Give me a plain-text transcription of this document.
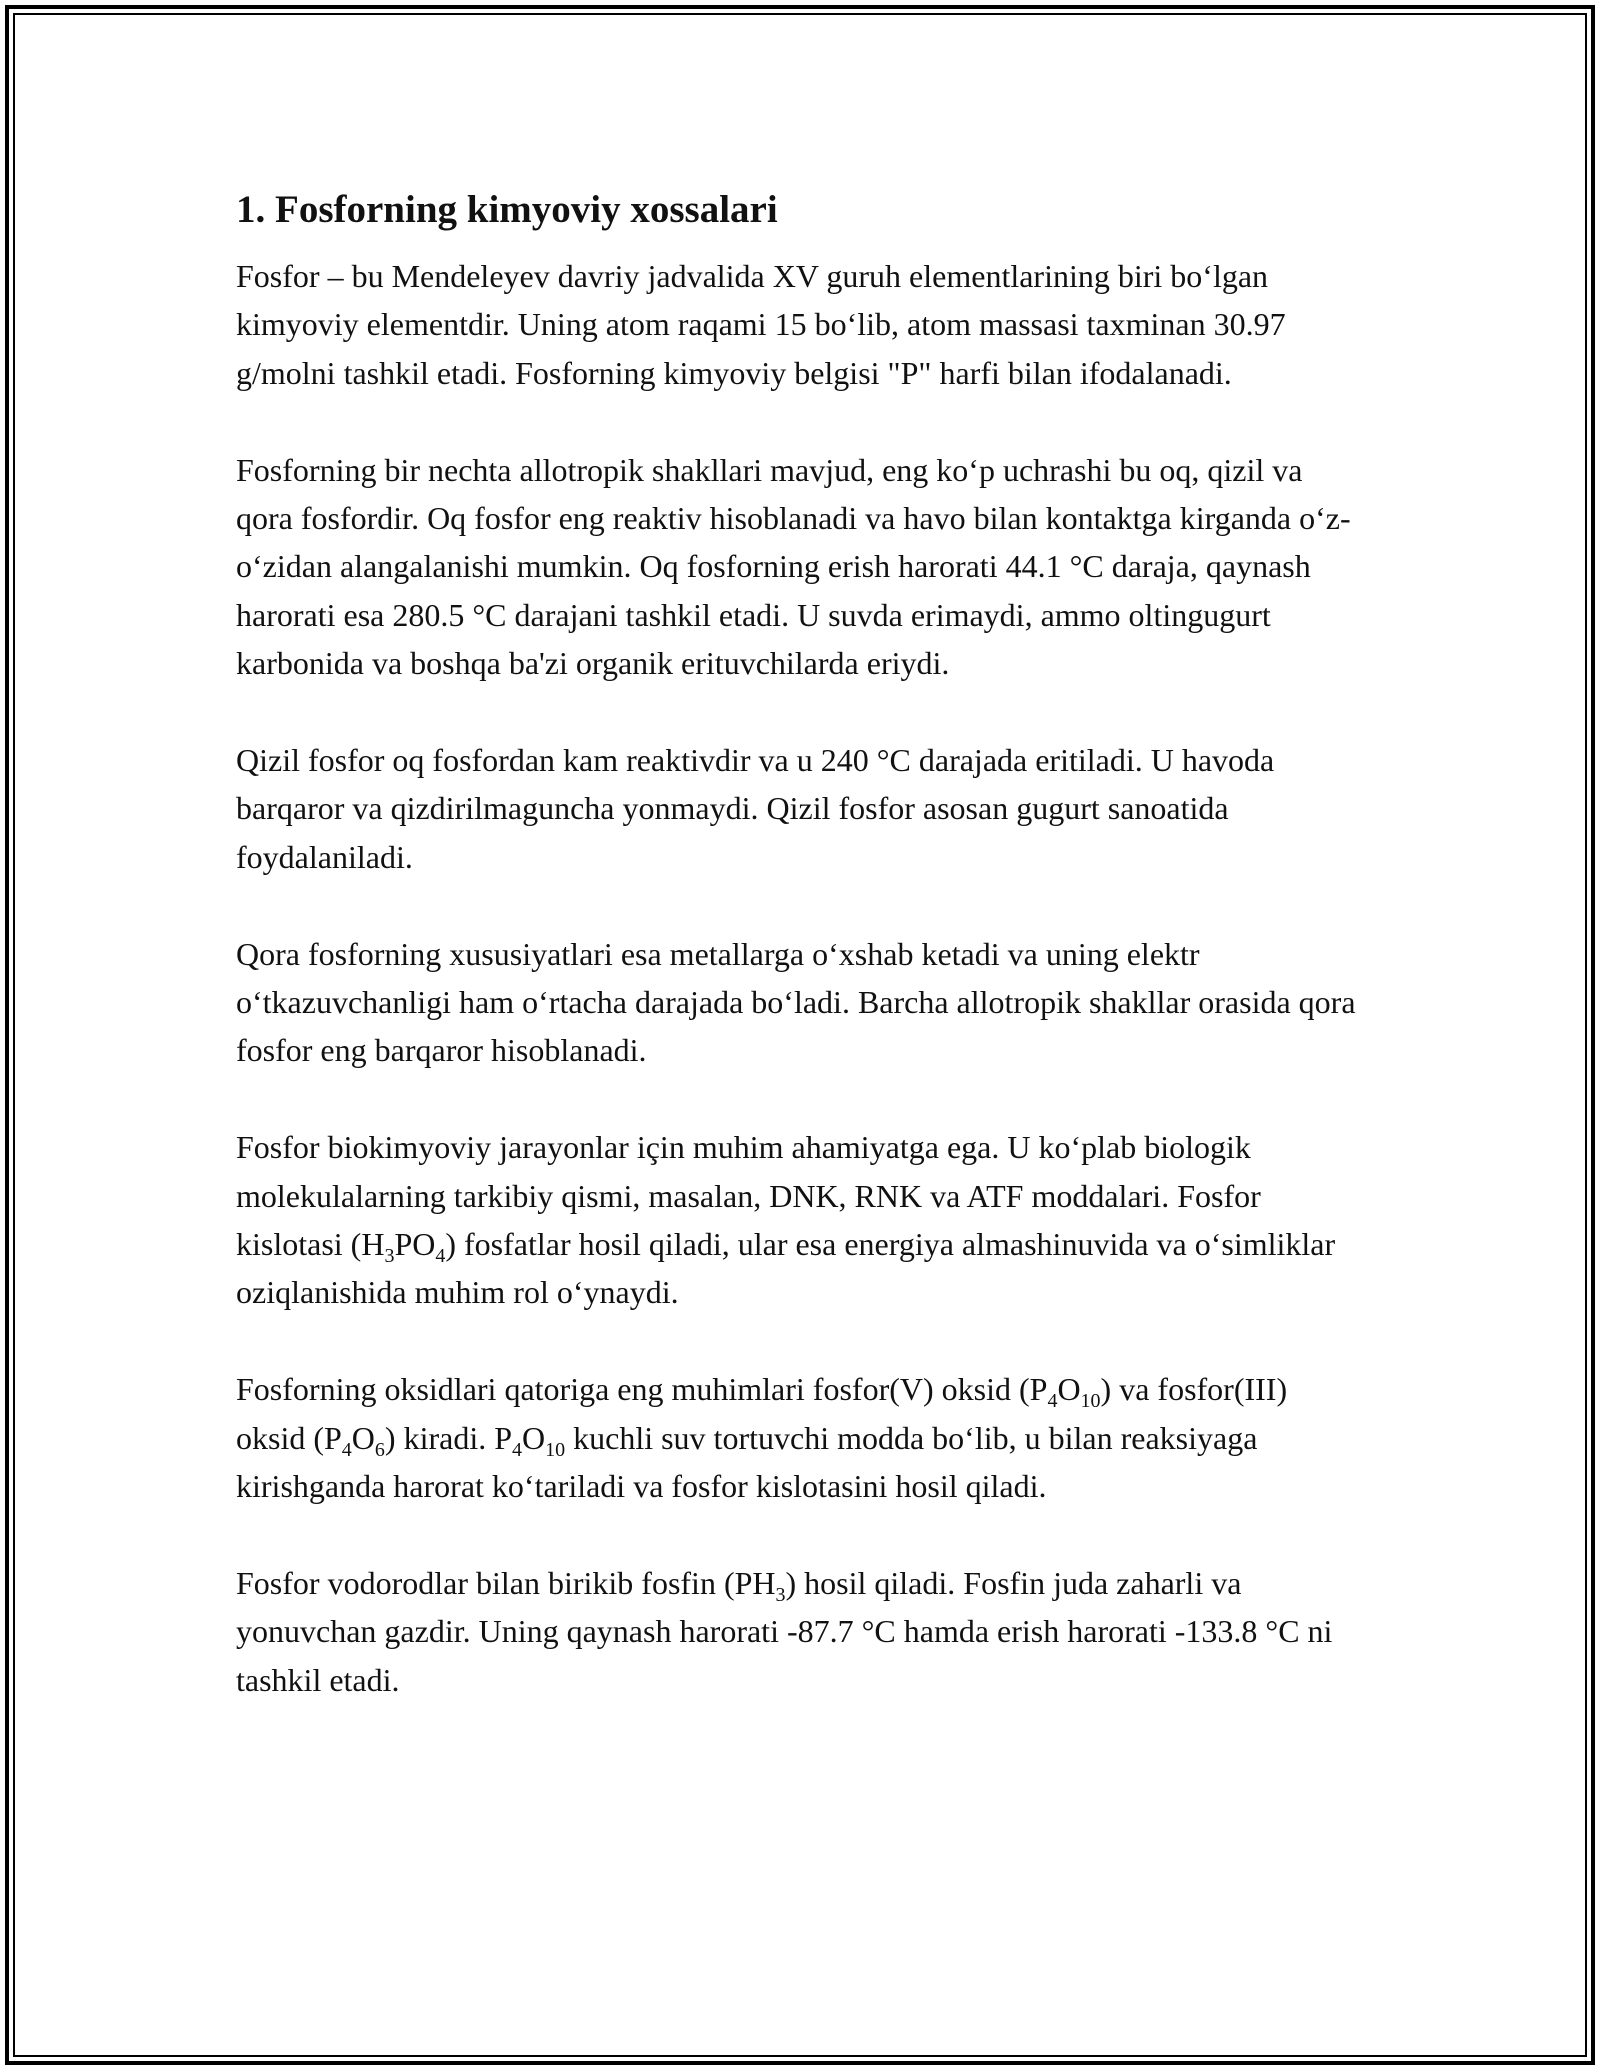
1. Fosforning kimyoviy xossalari

Fosfor – bu Mendeleyev davriy jadvalida XV guruh elementlarining biri bo‘lgan kimyoviy elementdir. Uning atom raqami 15 bo‘lib, atom massasi taxminan 30.97 g/molni tashkil etadi. Fosforning kimyoviy belgisi "P" harfi bilan ifodalanadi.

Fosforning bir nechta allotropik shakllari mavjud, eng ko‘p uchrashi bu oq, qizil va qora fosfordir. Oq fosfor eng reaktiv hisoblanadi va havo bilan kontaktga kirganda o‘z-o‘zidan alangalanishi mumkin. Oq fosforning erish harorati 44.1 °C daraja, qaynash harorati esa 280.5 °C darajani tashkil etadi. U suvda erimaydi, ammo oltingugurt karbonida va boshqa ba'zi organik erituvchilarda eriydi.

Qizil fosfor oq fosfordan kam reaktivdir va u 240 °C darajada eritiladi. U havoda barqaror va qizdirilmaguncha yonmaydi. Qizil fosfor asosan gugurt sanoatida foydalaniladi.

Qora fosforning xususiyatlari esa metallarga o‘xshab ketadi va uning elektr o‘tkazuvchanligi ham o‘rtacha darajada bo‘ladi. Barcha allotropik shakllar orasida qora fosfor eng barqaror hisoblanadi.

Fosfor biokimyoviy jarayonlar için muhim ahamiyatga ega. U ko‘plab biologik molekulalarning tarkibiy qismi, masalan, DNK, RNK va ATF moddalari. Fosfor kislotasi $(H_3PO_4)$ fosfatlar hosil qiladi, ular esa energiya almashinuvida va o‘simliklar oziqlanishida muhim rol o‘ynaydi.

Fosforning oksidlari qatoriga eng muhimlari fosfor(V) oksid $(P_4O_{10})$ va fosfor(III) oksid $(P_4O_6)$ kiradi. $P_4O_{10}$ kuchli suv tortuvchi modda bo‘lib, u bilan reaksiyaga kirishganda harorat ko‘tariladi va fosfor kislotasini hosil qiladi.

Fosfor vodorodlar bilan birikib fosfin $(PH_3)$ hosil qiladi. Fosfin juda zaharli va yonuvchan gazdir. Uning qaynash harorati -87.7 °C hamda erish harorati -133.8 °C ni tashkil etadi.
